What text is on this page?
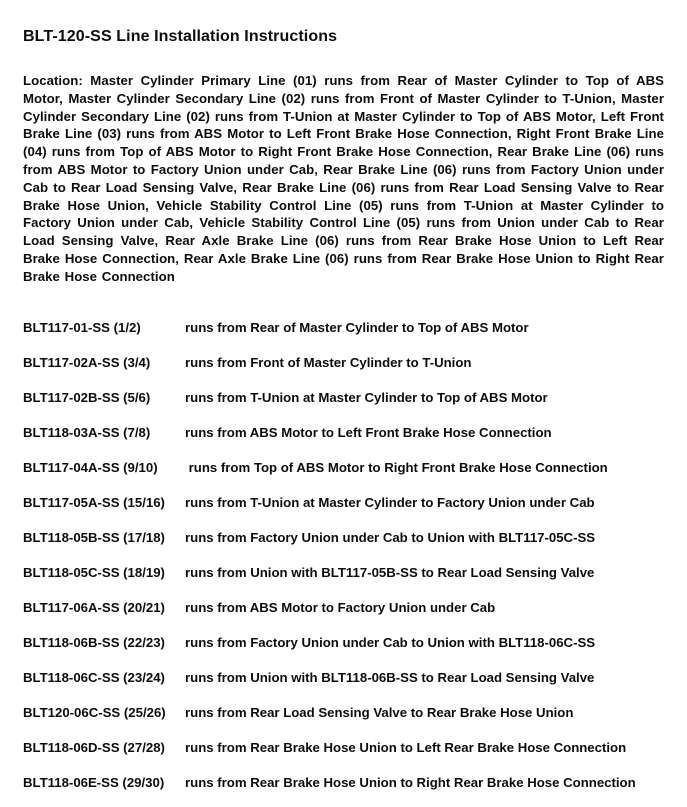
BLT-120-SS Line Installation Instructions

Location: Master Cylinder Primary Line (01) runs from Rear of Master Cylinder to Top of ABS Motor, Master Cylinder Secondary Line (02) runs from Front of Master Cylinder to T-Union, Master Cylinder Secondary Line (02) runs from T-Union at Master Cylinder to Top of ABS Motor, Left Front Brake Line (03) runs from ABS Motor to Left Front Brake Hose Connection, Right Front Brake Line (04) runs from Top of ABS Motor to Right Front Brake Hose Connection, Rear Brake Line (06) runs from ABS Motor to Factory Union under Cab, Rear Brake Line (06) runs from Factory Union under Cab to Rear Load Sensing Valve, Rear Brake Line (06) runs from Rear Load Sensing Valve to Rear Brake Hose Union, Vehicle Stability Control Line (05) runs from T-Union at Master Cylinder to Factory Union under Cab, Vehicle Stability Control Line (05) runs from Union under Cab to Rear Load Sensing Valve, Rear Axle Brake Line (06) runs from Rear Brake Hose Union to Left Rear Brake Hose Connection, Rear Axle Brake Line (06) runs from Rear Brake Hose Union to Right Rear Brake Hose Connection

BLT117-01-SS (1/2)	runs from Rear of Master Cylinder to Top of ABS Motor
BLT117-02A-SS (3/4)	runs from Front of Master Cylinder to T-Union
BLT117-02B-SS (5/6)	runs from T-Union at Master Cylinder to Top of ABS Motor
BLT118-03A-SS (7/8)	runs from ABS Motor to Left Front Brake Hose Connection
BLT117-04A-SS (9/10)	runs from Top of ABS Motor to Right Front Brake Hose Connection
BLT117-05A-SS (15/16)	runs from T-Union at Master Cylinder to Factory Union under Cab
BLT118-05B-SS (17/18)	runs from Factory Union under Cab to Union with BLT117-05C-SS
BLT118-05C-SS (18/19)	runs from Union with BLT117-05B-SS to Rear Load Sensing Valve
BLT117-06A-SS (20/21)	runs from ABS Motor to Factory Union under Cab
BLT118-06B-SS (22/23)	runs from Factory Union under Cab to Union with BLT118-06C-SS
BLT118-06C-SS (23/24)	runs from Union with BLT118-06B-SS to Rear Load Sensing Valve
BLT120-06C-SS (25/26)	runs from Rear Load Sensing Valve to Rear Brake Hose Union
BLT118-06D-SS (27/28)	runs from Rear Brake Hose Union to Left Rear Brake Hose Connection
BLT118-06E-SS (29/30)	runs from Rear Brake Hose Union to Right Rear Brake Hose Connection
